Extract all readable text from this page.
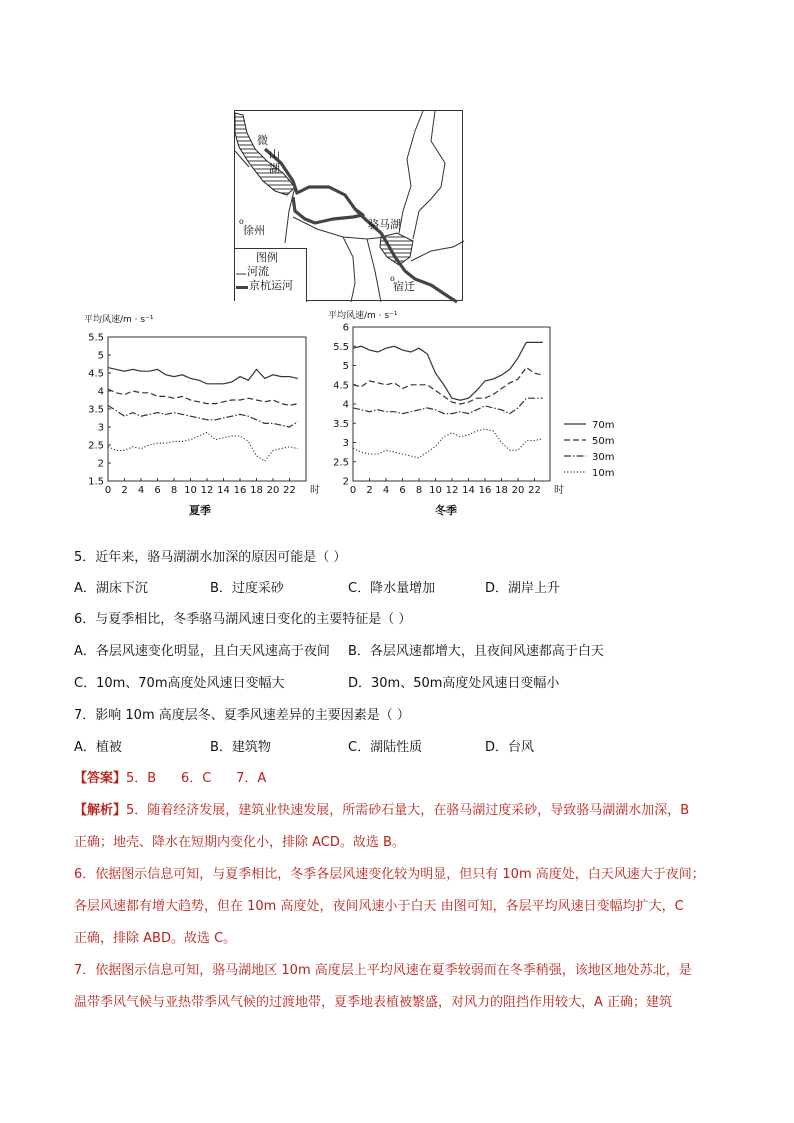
微
山
湖
o
徐州	骆马湖
o
宿迁
图例
河流
京杭运河
平均风速/m · s⁻¹
1.5
2
2.5
3
3.5
4
4.5
5
5.5
0 2 4 6 8 10 12 14 16 18 20 22 时
夏季
平均风速/m · s⁻¹
2
2.5
3
3.5
4
4.5
5
5.5
6
0 2 4 6 8 10 12 14 16 18 20 22 时
冬季
70m
50m
30m
10m
5．近年来，骆马湖湖水加深的原因可能是（ ）
A．湖床下沉	B．过度采砂	C．降水量增加	D．湖岸上升
6．与夏季相比，冬季骆马湖风速日变化的主要特征是（ ）
A．各层风速变化明显，且白天风速高于夜间 B．各层风速都增大，且夜间风速都高于白天
C．10m、70m高度处风速日变幅大	D．30m、50m高度处风速日变幅小
7．影响 10m 高度层冬、夏季风速差异的主要因素是（ ）
A．植被	B．建筑物	C．湖陆性质	D．台风
【答案】5．B      6．C      7．A
【解析】5．随着经济发展，建筑业快速发展，所需砂石量大，在骆马湖过度采砂，导致骆马湖湖水加深，B
正确；地壳、降水在短期内变化小，排除 ACD。故选 B。
6．依据图示信息可知，与夏季相比，冬季各层风速变化较为明显，但只有 10m 高度处，白天风速大于夜间；
各层风速都有增大趋势，但在 10m 高度处，夜间风速小于白天 由图可知，各层平均风速日变幅均扩大，C
正确，排除 ABD。故选 C。
7．依据图示信息可知，骆马湖地区 10m 高度层上平均风速在夏季较弱而在冬季稍强，该地区地处苏北，是
温带季风气候与亚热带季风气候的过渡地带，夏季地表植被繁盛，对风力的阻挡作用较大，A 正确；建筑
